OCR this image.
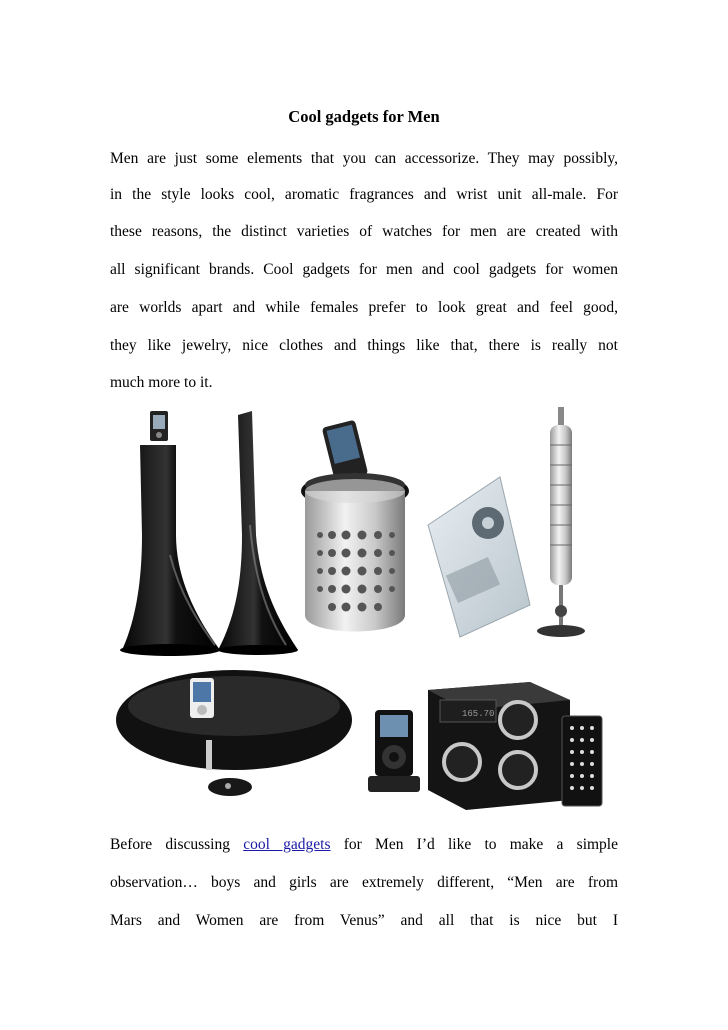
Cool gadgets for Men
Men are just some elements that you can accessorize. They may possibly,
in the style looks cool, aromatic fragrances and wrist unit all-male. For
these reasons, the distinct varieties of watches for men are created with
all significant brands. Cool gadgets for men and cool gadgets for women
are worlds apart and while females prefer to look great and feel good,
they like jewelry, nice clothes and things like that, there is really not
much more to it.
165.70
Before discussing cool gadgets for Men I’d like to make a simple
observation… boys and girls are extremely different, “Men are from
Mars and Women are from Venus” and all that is nice but I
